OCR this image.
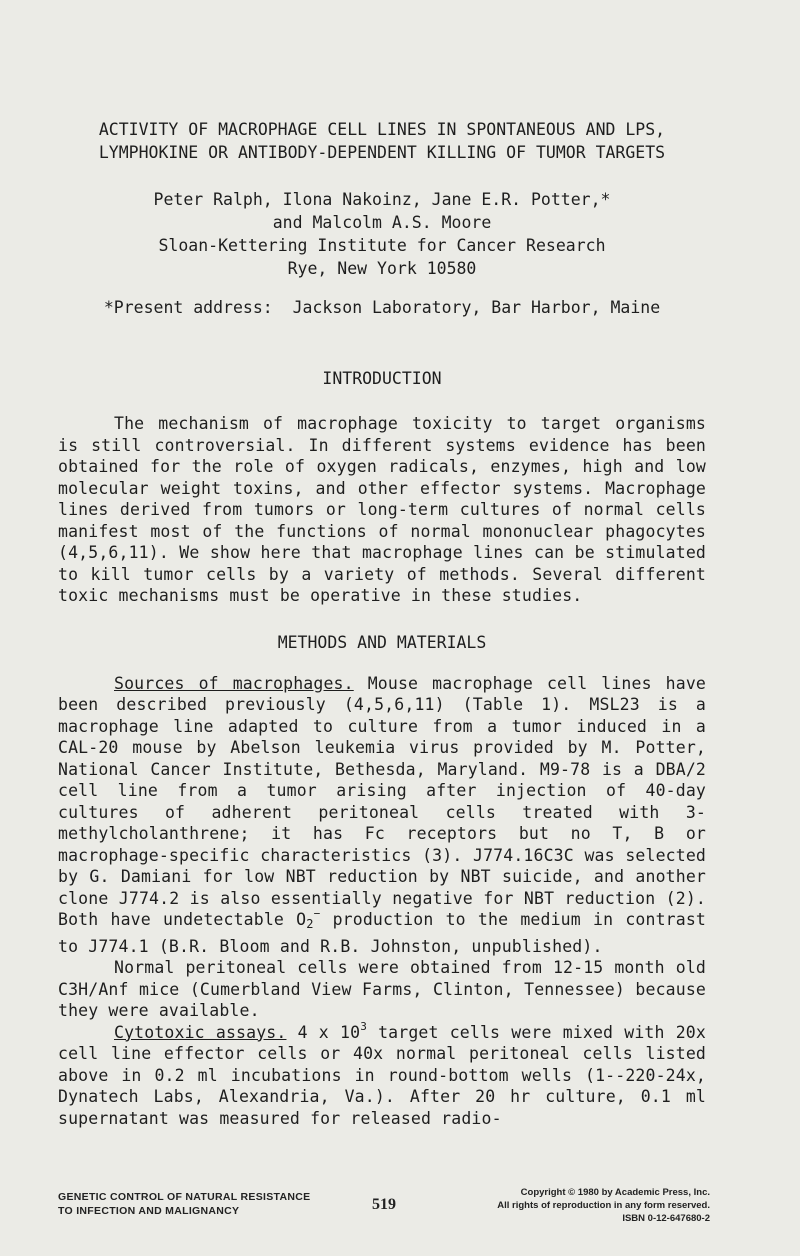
ACTIVITY OF MACROPHAGE CELL LINES IN SPONTANEOUS AND LPS,
LYMPHOKINE OR ANTIBODY-DEPENDENT KILLING OF TUMOR TARGETS
Peter Ralph, Ilona Nakoinz, Jane E.R. Potter,*
and Malcolm A.S. Moore
Sloan-Kettering Institute for Cancer Research
Rye, New York 10580
*Present address:  Jackson Laboratory, Bar Harbor, Maine
INTRODUCTION

The mechanism of macrophage toxicity to target organisms is still controversial. In different systems evidence has been obtained for the role of oxygen radicals, enzymes, high and low molecular weight toxins, and other effector systems. Macrophage lines derived from tumors or long-term cultures of normal cells manifest most of the functions of normal mononuclear phagocytes (4,5,6,11). We show here that macrophage lines can be stimulated to kill tumor cells by a variety of methods. Several different toxic mechanisms must be operative in these studies.

METHODS AND MATERIALS

Sources of macrophages. Mouse macrophage cell lines have been described previously (4,5,6,11) (Table 1). MSL23 is a macrophage line adapted to culture from a tumor induced in a CAL-20 mouse by Abelson leukemia virus provided by M. Potter, National Cancer Institute, Bethesda, Maryland. M9-78 is a DBA/2 cell line from a tumor arising after injection of 40-day cultures of adherent peritoneal cells treated with 3-methylcholanthrene; it has Fc receptors but no T, B or macrophage-specific characteristics (3). J774.16C3C was selected by G. Damiani for low NBT reduction by NBT suicide, and another clone J774.2 is also essentially negative for NBT reduction (2). Both have undetectable $O_2^-$ production to the medium in contrast to J774.1 (B.R. Bloom and R.B. Johnston, unpublished).

Normal peritoneal cells were obtained from 12-15 month old C3H/Anf mice (Cumerbland View Farms, Clinton, Tennessee) because they were available.

Cytotoxic assays. 4 x $10^3$ target cells were mixed with 20x cell line effector cells or 40x normal peritoneal cells listed above in 0.2 ml incubations in round-bottom wells (1--220-24x, Dynatech Labs, Alexandria, Va.). After 20 hr culture, 0.1 ml supernatant was measured for released radio-

GENETIC CONTROL OF NATURAL RESISTANCE
TO INFECTION AND MALIGNANCY	519
Copyright © 1980 by Academic Press, Inc.
All rights of reproduction in any form reserved.
ISBN 0-12-647680-2
